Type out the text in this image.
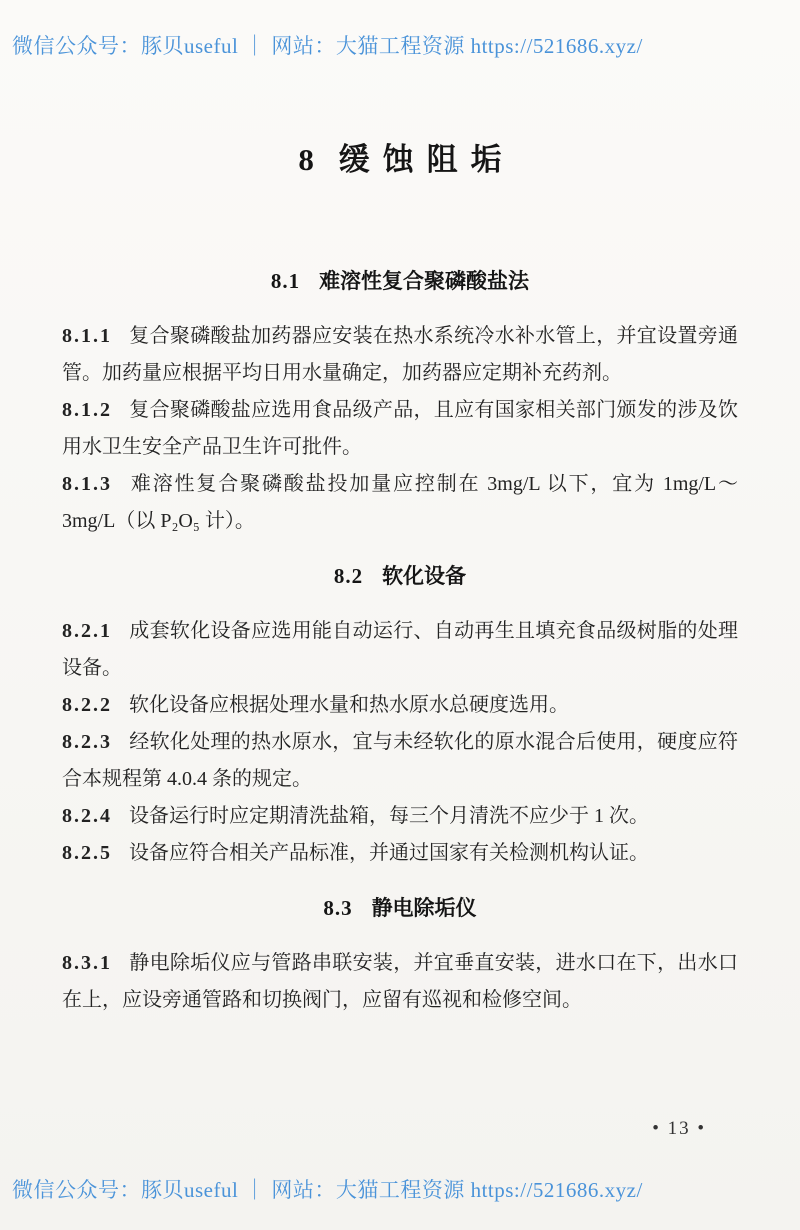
微信公众号：豚贝useful ｜ 网站：大猫工程资源 https://521686.xyz/
8 缓蚀阻垢
8.1 难溶性复合聚磷酸盐法

8.1.1 复合聚磷酸盐加药器应安装在热水系统冷水补水管上，并宜设置旁通管。加药量应根据平均日用水量确定，加药器应定期补充药剂。

8.1.2 复合聚磷酸盐应选用食品级产品，且应有国家相关部门颁发的涉及饮用水卫生安全产品卫生许可批件。

8.1.3 难溶性复合聚磷酸盐投加量应控制在 3mg/L 以下，宜为 1mg/L～3mg/L（以 P₂O₅ 计）。

8.2 软化设备

8.2.1 成套软化设备应选用能自动运行、自动再生且填充食品级树脂的处理设备。

8.2.2 软化设备应根据处理水量和热水原水总硬度选用。

8.2.3 经软化处理的热水原水，宜与未经软化的原水混合后使用，硬度应符合本规程第 4.0.4 条的规定。

8.2.4 设备运行时应定期清洗盐箱，每三个月清洗不应少于 1 次。

8.2.5 设备应符合相关产品标准，并通过国家有关检测机构认证。

8.3 静电除垢仪

8.3.1 静电除垢仪应与管路串联安装，并宜垂直安装，进水口在下，出水口在上，应设旁通管路和切换阀门，应留有巡视和检修空间。

• 13 •
微信公众号：豚贝useful ｜ 网站：大猫工程资源 https://521686.xyz/
